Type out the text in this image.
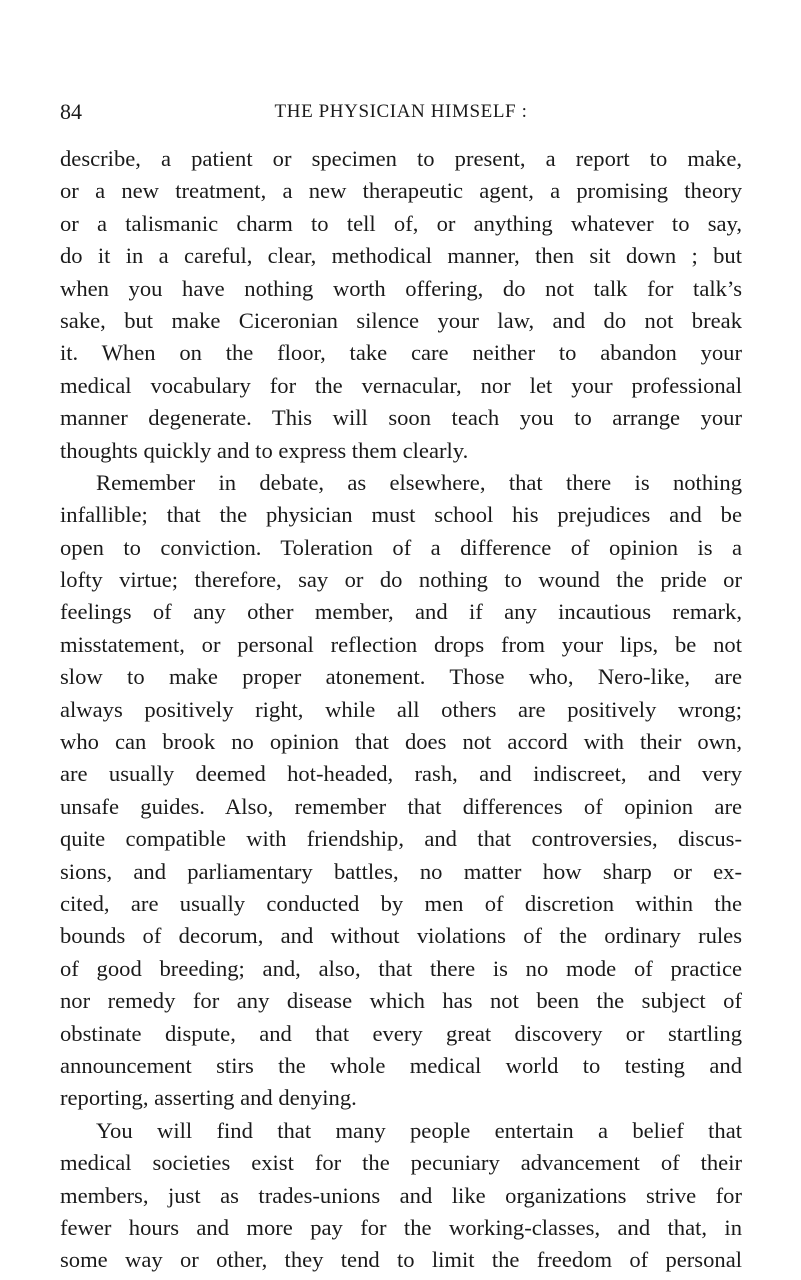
84	THE PHYSICIAN HIMSELF :
describe, a patient or specimen to present, a report to make,
or a new treatment, a new therapeutic agent, a promising theory
or a talismanic charm to tell of, or anything whatever to say,
do it in a careful, clear, methodical manner, then sit down ; but
when you have nothing worth offering, do not talk for talk’s
sake, but make Ciceronian silence your law, and do not break
it. When on the floor, take care neither to abandon your
medical vocabulary for the vernacular, nor let your professional
manner degenerate. This will soon teach you to arrange your
thoughts quickly and to express them clearly.
Remember in debate, as elsewhere, that there is nothing
infallible; that the physician must school his prejudices and be
open to conviction. Toleration of a difference of opinion is a
lofty virtue; therefore, say or do nothing to wound the pride or
feelings of any other member, and if any incautious remark,
misstatement, or personal reflection drops from your lips, be not
slow to make proper atonement. Those who, Nero-like, are
always positively right, while all others are positively wrong;
who can brook no opinion that does not accord with their own,
are usually deemed hot-headed, rash, and indiscreet, and very
unsafe guides. Also, remember that differences of opinion are
quite compatible with friendship, and that controversies, discus-
sions, and parliamentary battles, no matter how sharp or ex-
cited, are usually conducted by men of discretion within the
bounds of decorum, and without violations of the ordinary rules
of good breeding; and, also, that there is no mode of practice
nor remedy for any disease which has not been the subject of
obstinate dispute, and that every great discovery or startling
announcement stirs the whole medical world to testing and
reporting, asserting and denying.
You will find that many people entertain a belief that
medical societies exist for the pecuniary advancement of their
members, just as trades-unions and like organizations strive for
fewer hours and more pay for the working-classes, and that, in
some way or other, they tend to limit the freedom of personal
